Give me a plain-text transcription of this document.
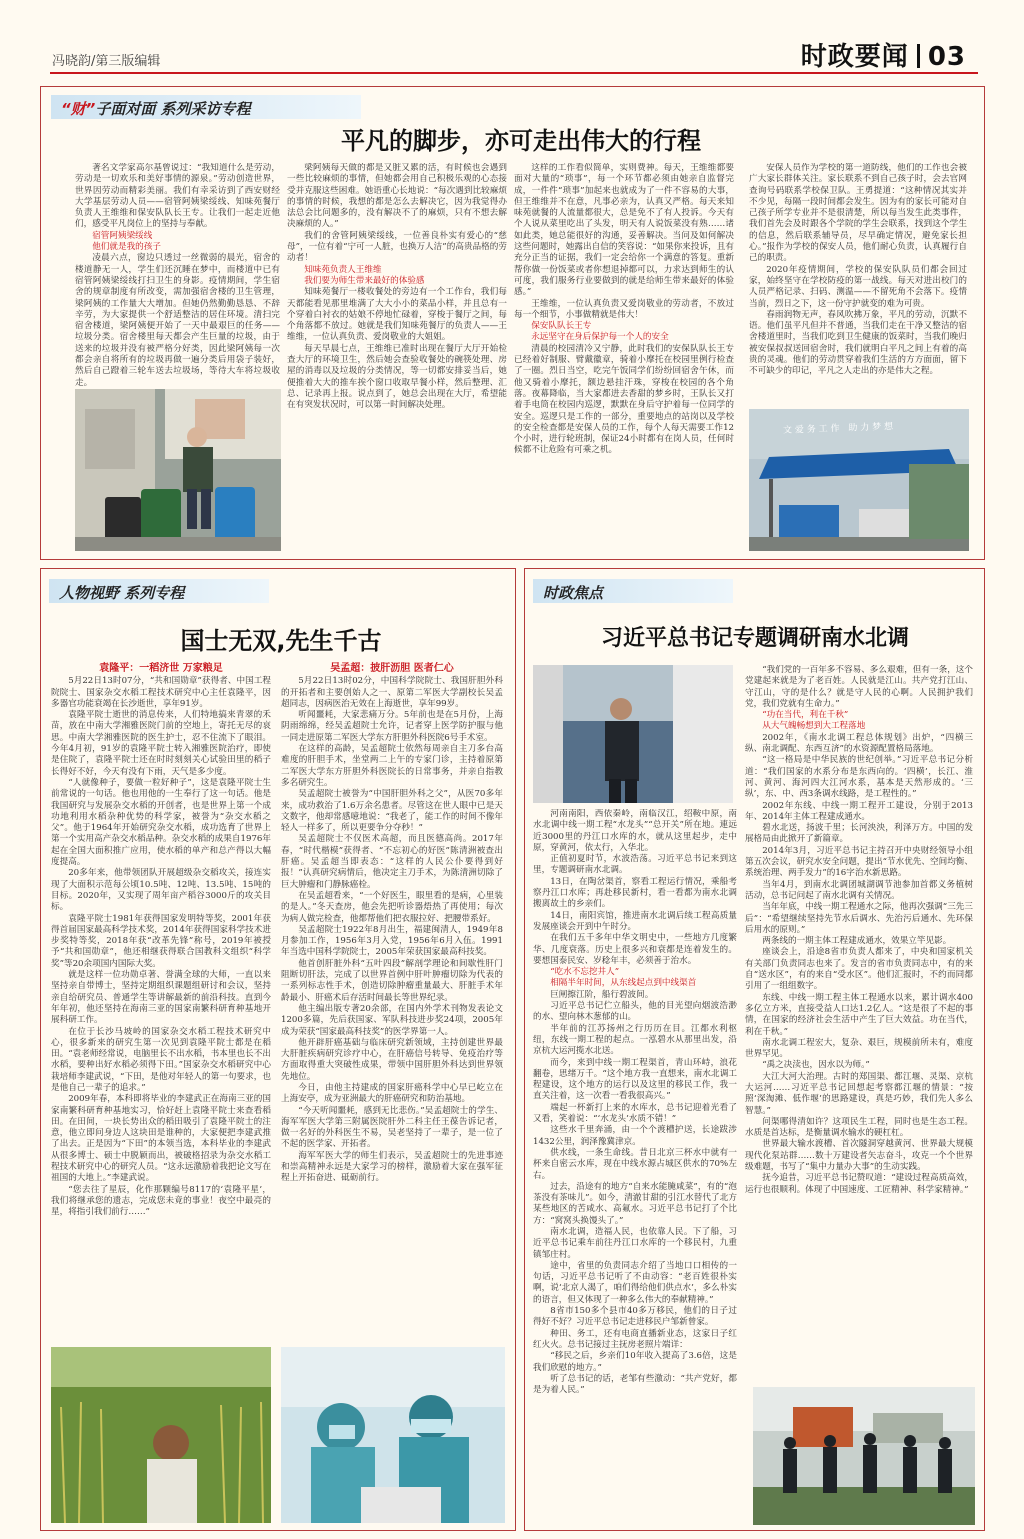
冯晓韵/第三版编辑	时政要闻 03
“财”子面对面 系列采访专程
平凡的脚步，亦可走出伟大的行程

著名文学家高尔基曾说过：“我知道什么是劳动，劳动是一切欢乐和美好事情的源泉。”劳动创造世界，世界因劳动而精彩美丽。我们有幸采访到了西安财经大学基层劳动人员——宿管阿姨梁绥线、知味苑餐厅负责人王维维和保安队队长王专。让我们一起走近他们，感受平凡岗位上的坚持与奉献。

宿管阿姨梁绥线

他们就是我的孩子

凌晨六点，窗边只透过一丝微弱的晨光，宿舍的楼道静无一人，学生们还沉睡在梦中，而楼道中已有宿管阿姨梁绥线打扫卫生的身影。疫情期间，学生宿舍的规章制度有所改变，需加强宿舍楼的卫生管理，梁阿姨的工作量大大增加。但她仍然勤勤恳恳、不辞辛劳，为大家提供一个舒适整洁的居住环境。清扫完宿舍楼道，梁阿姨便开始了一天中最艰巨的任务——垃圾分类。宿舍楼里每天都会产生巨量的垃圾，由于送来的垃圾并没有被严格分好类，因此梁阿姨每一次都会亲自将所有的垃圾再做一遍分类后用袋子装好，然后自己蹬着三轮车送去垃圾场，等待大车将垃圾收走。

梁阿姨每天做的都是又脏又累的活，有时候也会遇到一些比较麻烦的事情，但她都会用自己积极乐观的心态接受并克服这些困难。她语重心长地说：“每次遇到比较麻烦的事情的时候，我想的都是怎么去解决它，因为我觉得办法总会比问题多的，没有解决不了的麻烦，只有不想去解决麻烦的人。”

我们的舍管阿姨梁绥线，一位善良朴实有爱心的“慈母”，一位有着“宁可一人脏，也换万人洁”的高贵品格的劳动者！

知味苑负责人王维维

我们要为师生带来最好的体验感

知味苑餐厅一楼收餐处的旁边有一个工作台，我们每天都能看见那里堆满了大大小小的菜品小样，并且总有一个穿着白衬衣的姑娘不停地忙碌着，穿梭于餐厅之间，每个角落都不放过。她就是我们知味苑餐厅的负责人——王维维，一位认真负责、爱岗敬业的大姐姐。

每天早晨七点，王维维已准时出现在餐厅大厅开始检查大厅的环境卫生，然后她会查验收餐处的碗筷处理、房屋的消毒以及垃圾的分类情况，等一切都安排妥当后，她便推着大大的推车挨个窗口收取早餐小样，然后整理、汇总、记录再上报。说点到了，她总会出现在大厅，希望能在有突发状况时，可以第一时间解决处理。

这样的工作看似简单，实则费神。每天，王维维都要面对大量的“琐事”，每一个环节都必须由她亲自监督完成，一件件“琐事”加起来也就成为了一件不容易的大事，但王维维并不在意，凡事必亲为，认真又严格。每天来知味苑就餐的人流量都很大，总是免不了有人投诉。今天有个人说从菜里吃出了头发，明天有人说饭菜没有熟……诸如此类，她总能很好的沟通，妥善解决。当问及如何解决这些问题时，她露出自信的笑容说：“如果你来投诉，且有充分正当的证据，我们一定会给你一个满意的答复。重新帮你做一份饭菜或者你想退掉都可以，力求达到师生的认可度，我们服务行业要做到的就是给师生带来最好的体验感。”

王维维，一位认真负责又爱岗敬业的劳动者，不放过每一个细节，小事做精就是伟大！

保安队队长王专

永远坚守在身后保护每一个人的安全

清晨的校园清冷又宁静，此时我们的安保队队长王专已经着好制服、臂戴徽章，骑着小摩托在校园里例行检查了一圈。烈日当空，吃完午饭同学们纷纷回宿舍午休，而他又骑着小摩托，额边悬挂汗珠，穿梭在校园的各个角落。夜幕降临，当大家都进去香甜的梦乡时，王队长又打着手电筒在校园内巡逻，默默在身后守护着每一位同学的安全。巡逻只是工作的一部分，重要地点的站岗以及学校的安全检查都是安保人员的工作，每个人每天需要工作12个小时，进行轮班制，保证24小时都有在岗人员，任何时候都不让危险有可乘之机。

安保人员作为学校的第一道防线，他们的工作也会被广大家长群体关注。家长联系不到自己孩子时，会去官网查询号码联系学校保卫队。王勇提道：“这种情况其实并不少见，每隔一段时间都会发生。因为有的家长可能对自己孩子所学专业并不是很清楚，所以每当发生此类事件，我们首先会及时跟各个学院的学生会联系，找到这个学生的信息，然后联系辅导员，尽早确定情况，避免家长担心。”报作为学校的保安人员，他们耐心负责，认真履行自己的职责。

2020年疫情期间，学校的保安队队员们都会回过家，始终坚守在学校防疫的第一战线。每天对进出校门的人员严格记录、扫码、测温——不留死角不会落下。疫情当前，烈日之下，这一份守护就变的难为可贵。

春雨润物无声，春风吹拂万象，平凡的劳动，沉默不语。他们虽平凡但并不普通，当我们走在干净又整洁的宿舍楼道里时，当我们吃到卫生健康的饭菜时，当我们晚归被安保叔叔送回宿舍时，我们就明白平凡之间上有着的高贵的灵魂。他们的劳动贯穿着我们生活的方方面面，留下不可缺少的印记，平凡之人走出的亦是伟大之程。

文 爱 务 工 作　助 力 梦 想
人物视野 系列专程
国士无双,先生千古

袁隆平：一稻济世 万家粮足

5月22日13时07分，“共和国勋章”获得者、中国工程院院士、国家杂交水稻工程技术研究中心主任袁隆平，因多器官功能衰竭在长沙逝世，享年91岁。

袁隆平院士逝世的消息传来，人们特地搞来青翠的禾苗，放在中南大学湘雅医院门前的空地上，寄托无尽的哀思。中南大学湘雅医院的医生护士，忍不住流下了眼泪。今年4月初，91岁的袁隆平院士转入湘雅医院治疗，即使是住院了，袁隆平院士还在时时刻刻关心试验田里的稻子长得好不好，今天有没有下雨，天气是多少度。

“人就像种子，要做一粒好种子”，这是袁隆平院士生前常说的一句话。他也用他的一生奉行了这一句话。他是我国研究与发展杂交水稻的开创者，也是世界上第一个成功地利用水稻杂种优势的科学家，被誉为“杂交水稻之父”。他于1964年开始研究杂交水稻，成功选育了世界上第一个实用高产杂交水稻品种。杂交水稻的成果自1976年起在全国大面积推广应用，使水稻的单产和总产得以大幅度提高。

20多年来，他带领团队开展超级杂交稻攻关，接连实现了大面积示范每公顷10.5吨、12吨、13.5吨、15吨的目标。2020年，又实现了周年亩产稻谷3000斤的攻关目标。

袁隆平院士1981年获得国家发明特等奖，2001年获得首届国家最高科学技术奖，2014年获得国家科学技术进步奖特等奖，2018年获“改革先锋”称号，2019年被授予“共和国勋章”，他还相继获得联合国教科文组织“科学奖”等20余项国内国际大奖。

就是这样一位功勋卓著、誉满全球的大师，一直以来坚持亲自带博士，坚持定期组织课题组研讨和会议，坚持亲自给研究员、普通学生等讲解最新的前沿科技。直到今年年初，他还坚持在海南三亚的国家南繁科研育种基地开展科研工作。

在位于长沙马坡岭的国家杂交水稻工程技术研究中心，很多新来的研究生第一次见到袁隆平院士都是在稻田。“袁老师经常说，电脑里长不出水稻，书本里也长不出水稻，要种出好水稻必须得下田。”国家杂交水稻研究中心栽培师李建武说，“下田，是他对年轻人的第一句要求，也是他自己一辈子的追求。”

2009年春，本科即将毕业的李建武正在海南三亚的国家南繁科研育种基地实习，恰好赶上袁隆平院士来查看稻田。在田间，一块长势出众的稻田吸引了袁隆平院士的注意，他立即问身边人这块田是谁种的，大家便把李建武推了出去。正是因为“下田”的本领当选，本科毕业的李建武从很多博士、硕士中脱颖而出，被破格招录为杂交水稻工程技术研究中心的研究人员。“这永远激励着我把论文写在祖国的大地上。”李建武说。

“您去往了星辰，化作那颗编号8117的‘袁隆平星’，我们将继承您的遗志，完成您未竟的事业！夜空中最亮的星，将指引我们前行……”

吴孟超：披肝沥胆 医者仁心

5月22日13时02分，中国科学院院士、我国肝胆外科的开拓者和主要创始人之一、原第二军医大学副校长吴孟超同志，因病医治无效在上海逝世，享年99岁。

听闻噩耗，大家悲痛万分。5年前也是在5月份，上海阴雨绵绵，经吴孟超院士允许，记者穿上医学防护服与他一同走进原第二军医大学东方肝胆外科医院6号手术室。

在这样的高龄，吴孟超院士依然每周亲自主刀多台高难度的肝胆手术，坐堂两二上午的专家门诊，主持着原第二军医大学东方肝胆外科医院长的日常事务，并亲自指教多名研究生。

吴孟超院士被誉为“中国肝胆外科之父”，从医70多年来，成功救治了1.6万余名患者。尽管这在世人眼中已是天文数字，他却常感噫地说：“我老了，能工作的时间不像年轻人一样多了，所以更要争分夺秒！”

吴孟超院士不仅医术高超，而且医德高尚。2017年春，“时代楷模”获得者、“不忘初心的好医”陈清洲被查出肝癌。吴孟超当即表态：“这样的人民公仆要得到好报！”认真研究病情后，他决定主刀手术，为陈清洲切除了巨大肿瘤和门静脉癌栓。

在吴孟超看来，“一个好医生，眼里看的是病，心里装的是人。”冬天查房，他会先把听诊器焐热了再使用；每次为病人做完检查，他都帮他们把衣服拉好、把腰带系好。

吴孟超院士1922年8月出生，福建闽清人，1949年8月参加工作，1956年3月入党，1956年6月入伍。1991年当选中国科学院院士，2005年荣获国家最高科技奖。

他首创肝脏外科“五叶四段”解剖学理论和间歇性肝门阻断切肝法，完成了以世界首例中肝叶肿瘤切除为代表的一系列标志性手术，创造切除肿瘤重量最大、肝脏手术年龄最小、肝癌术后存活时间最长等世界纪录。

他主编出版专著20余部，在国内外学术刊物发表论文1200多篇，先后获国家、军队科技进步奖24项，2005年成为荣获“国家最高科技奖”的医学界第一人。

他开辟肝癌基础与临床研究新领域，主持创建世界最大肝脏疾病研究诊疗中心，在肝癌信号转导、免疫治疗等方面取得重大突破性成果，带领中国肝胆外科达到世界领先地位。

今日，由他主持建成的国家肝癌科学中心早已屹立在上海安亭，成为亚洲最大的肝癌研究和防治基地。

“今天听闻噩耗，感到无比悲伤。”吴孟超院士的学生、海军军医大学第三附属医院肝外二科主任王葆告诉记者，做一名好的外科医生不易，吴老坚持了一辈子，是一位了不起的医学家、开拓者。

海军军医大学的师生们表示，吴孟超院士的先进事迹和崇高精神永远是大家学习的榜样，激励着大家在强军征程上开拓奋进、砥砺前行。

时政焦点
习近平总书记专题调研南水北调

河南南阳，西依秦岭，南临汉江，绍鞍中原，南水北调中线一期工程“水龙头”“总开关”所在地。連远近3000里的丹江口水库的水，就从这里起步，走中原，穿黄河，依太行，入华北。

正值初夏时节，水波浩荡。习近平总书记来到这里，专题调研南水北调。

13日，在陶岔渠首，察看工程运行情况，乘船考察丹江口水库；再赴移民新村，看一看都为南水北调搬离故土的乡亲们。

14日，南阳宾馆，推进南水北调后续工程高质量发展座谈会开到中午时分。

在我们五千多年中华文明史中，一些地方几度繁华、几度衰落。历史上很多兴和衰都是连着发生的。要想国泰民安、岁稔年丰，必须善于治水。

“吃水不忘挖井人”

相隔半年时间，从东线起点到中线渠首

巨闸擦江阶，船行碧波间。

习近平总书记伫立船头，他的目光望向烟波浩渺的水、望向林木葱郁的山。

半年前的江苏扬州之行历历在目。江都水利枢纽，东线一期工程的起点。一泓碧水从那里出发，沿京杭大运河揽水北送。

而今，来到中线一期工程渠首，青山环峙，浪花翻卷，思绪万千。“这个地方我一直想来，南水北调工程建设，这个地方的运行以及这里的移民工作，我一直关注着，这一次看一看我很高兴。”

端起一杯新打上来的水库水，总书记迎着光看了又看，笑着说：“‘水龙头’水质不错！”

这些水千里奔涌，由一个个渡槽护送，长途跋涉1432公里，润泽豫冀津京。

供水线，一条生命线。昔日北京三杯水中就有一杯来自密云水库，现在中线水源占城区供水的70%左右。

过去，沿途有的地方“自来水能腌咸菜”，有的“泡茶没有茶味儿”。如今，清澈甘甜的引江水替代了北方某些地区的苦咸水、高氟水。习近平总书记打了个比方：“窝窝头换馒头了。”

南水北调，造福人民，也依靠人民。下了船，习近平总书记乘车前往丹江口水库的一个移民村，九重镇邹庄村。

途中，省里的负责同志介绍了当地口口相传的一句话，习近平总书记听了不由动容：“老百姓很朴实啊，说‘北京人渴了，咱们得给他们供点水’，多么朴实的语言，但又体现了一种多么伟大的奉献精神。”

8省市150多个县市40多万移民，他们的日子过得好不好？习近平总书记走进移民户邹新曾家。

种田、务工，还有电商直播新业态，这家日子红红火火。总书记接过主抚房老照片端详：

“移民之后，乡亲们10年收入提高了3.6倍，这是我们欣慰的地方。”

听了总书记的话，老邹有些激动：“共产党好，都是为着人民。”

“我们党的一百年多不容易、多么艰难，但有一条，这个党建起来就是为了老百姓。人民就是江山。共产党打江山、守江山，守的是什么？就是守人民的心啊。人民拥护我们党，我们党就有生命力。”

“功在当代，利在千秋”

从大气魄畅想到大工程落地

2002年，《南水北调工程总体规划》出炉，“四横三纵、南北调配、东西互济”的水资源配置格局落地。

“这一格局是中华民族的世纪创举。”习近平总书记分析道：“我们国家的水系分布是东西向的。‘四横’，长江、淮河、黄河、海河四大江河水系，基本是天然形成的。‘三纵’，东、中、西3条调水线路，是工程性的。”

2002年东线、中线一期工程开工建设，分别于2013年、2014年主体工程建成通水。

碧水北送，扬波千里；长河泱泱，利泽万方。中国的发展格局由此掀开了新篇章。

2014年3月，习近平总书记主持召开中央财经领导小组第五次会议，研究水安全问题，提出“节水优先、空间均衡、系统治理、两手发力”的16字治水新思路。

当年4月，到南水北调团城湖调节池参加首都义务植树活动，总书记问起了南水北调有关情况。

当年年底，中线一期工程通水之际，他再次强调“三先三后”：“希望继续坚持先节水后调水、先治污后通水、先环保后用水的原则。”

两条线的一期主体工程建成通水，效果立竿见影。

座谈会上，沿途8省市负责人都来了，中央和国家机关有关部门负责同志也来了。发言的省市负责同志中，有的来自“送水区”，有的来自“受水区”。他们汇报时，不约而同都引用了一组组数字。

东线、中线一期工程主体工程通水以来，累计调水400多亿立方米，直接受益人口达1.2亿人。“这是很了不起的事情，在国家的经济社会生活中产生了巨大效益。功在当代，利在千秋。”

南水北调工程宏大，复杂、艰巨，规模前所未有，难度世界罕见。

“禹之决渎也，因水以为师。”

大江大河大治理。古时的郑国渠、都江堰、灵渠、京杭大运河……习近平总书记回想起考察都江堰的情景：“按照‘深淘滩、低作堰’的思路建设，真是巧妙，我们先人多么智慧。”

问渠哪得清如许？这项民生工程，同时也是生态工程。水质是首达标，是衡量调水输水的硬杠杠。

世界最大输水渡槽、首次隧洞穿越黄河、世界最大规模现代化泵站群……数十万建设者矢志奋斗，攻克一个个世界级难题，书写了“集中力量办大事”的生动实践。

抚今追昔，习近平总书记赞叹道：“建设过程高质高效，运行也很顺利。体现了中国速度、工匠精神、科学家精神。”
